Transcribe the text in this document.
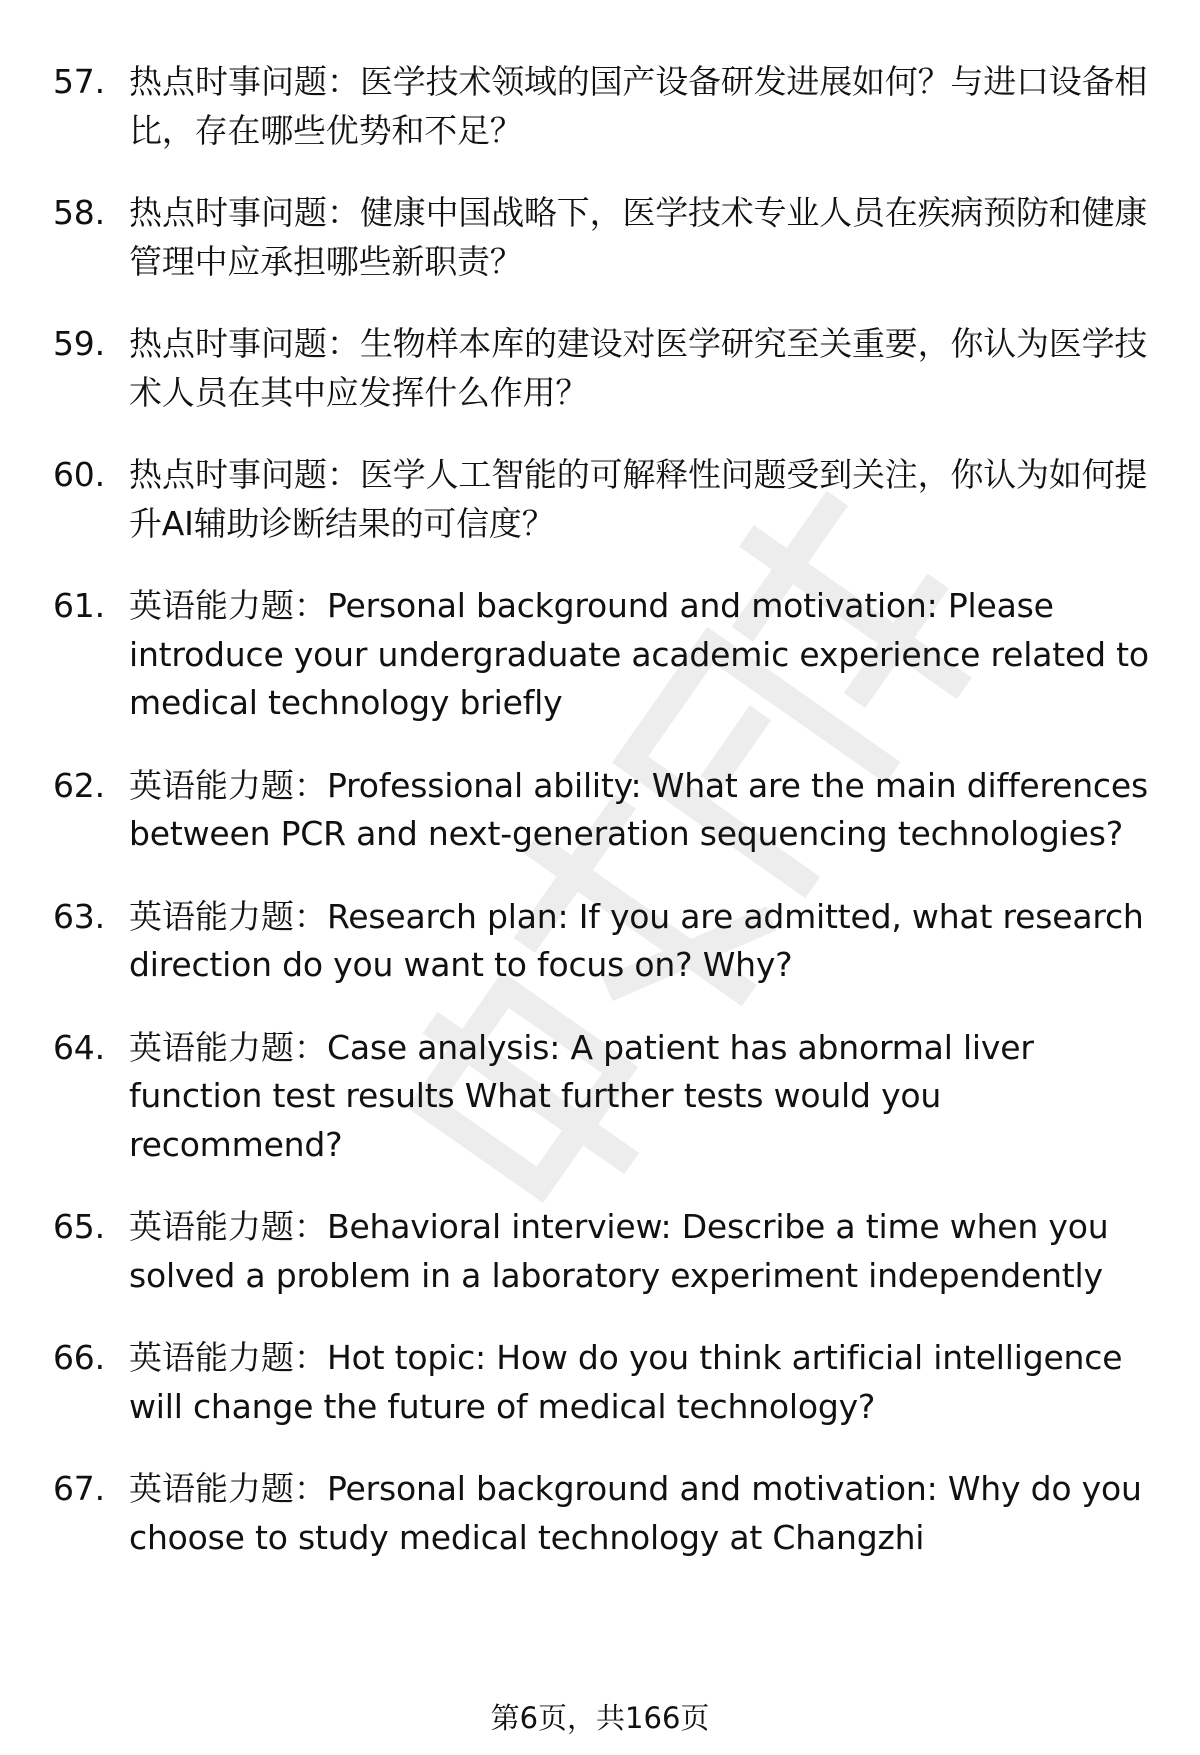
57. 热点时事问题：医学技术领域的国产设备研发进展如何？与进口设备相比，存在哪些优势和不足？
58. 热点时事问题：健康中国战略下，医学技术专业人员在疾病预防和健康管理中应承担哪些新职责？
59. 热点时事问题：生物样本库的建设对医学研究至关重要，你认为医学技术人员在其中应发挥什么作用？
60. 热点时事问题：医学人工智能的可解释性问题受到关注，你认为如何提升AI辅助诊断结果的可信度？
61. 英语能力题：Personal background and motivation: Please introduce your undergraduate academic experience related to medical technology briefly
62. 英语能力题：Professional ability: What are the main differences between PCR and next-generation sequencing technologies?
63. 英语能力题：Research plan: If you are admitted, what research direction do you want to focus on? Why?
64. 英语能力题：Case analysis: A patient has abnormal liver function test results What further tests would you recommend?
65. 英语能力题：Behavioral interview: Describe a time when you solved a problem in a laboratory experiment independently
66. 英语能力题：Hot topic: How do you think artificial intelligence will change the future of medical technology?
67. 英语能力题：Personal background and motivation: Why do you choose to study medical technology at Changzhi
第6页，共166页
